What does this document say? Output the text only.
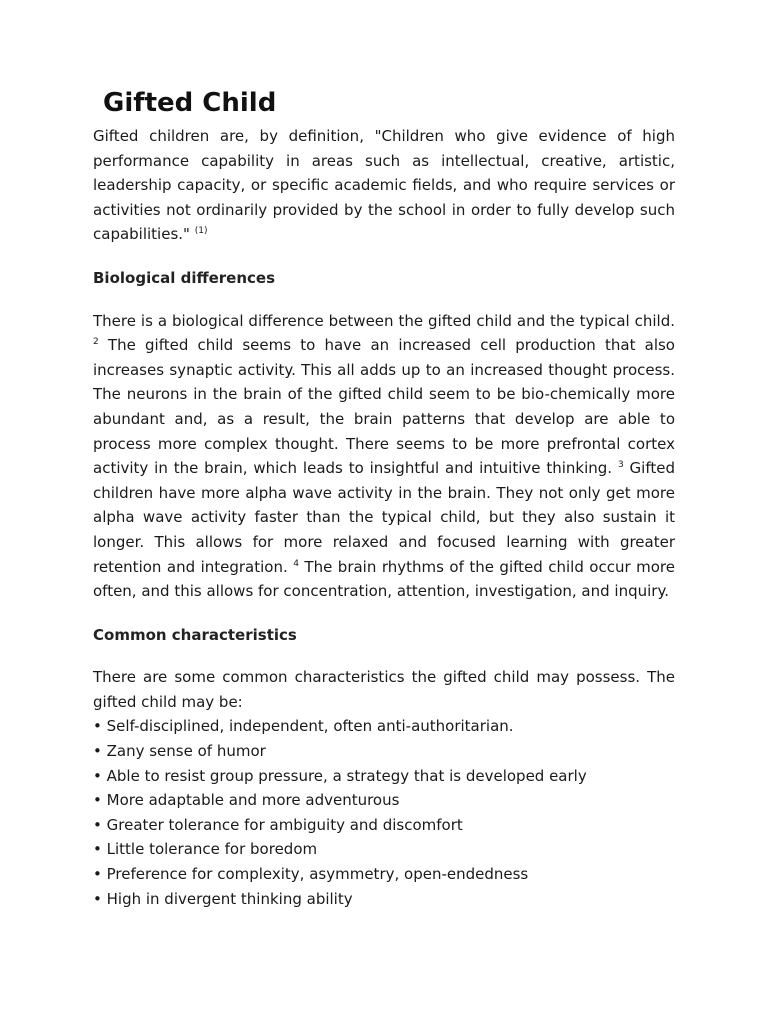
Gifted Child

Gifted children are, by definition, "Children who give evidence of high performance capability in areas such as intellectual, creative, artistic, leadership capacity, or specific academic fields, and who require services or activities not ordinarily provided by the school in order to fully develop such capabilities." $^{(1)}$

Biological differences

There is a biological difference between the gifted child and the typical child. $^2$ The gifted child seems to have an increased cell production that also increases synaptic activity. This all adds up to an increased thought process. The neurons in the brain of the gifted child seem to be bio-chemically more abundant and, as a result, the brain patterns that develop are able to process more complex thought. There seems to be more prefrontal cortex activity in the brain, which leads to insightful and intuitive thinking. $^3$ Gifted children have more alpha wave activity in the brain. They not only get more alpha wave activity faster than the typical child, but they also sustain it longer. This allows for more relaxed and focused learning with greater retention and integration. $^4$ The brain rhythms of the gifted child occur more often, and this allows for concentration, attention, investigation, and inquiry.

Common characteristics

There are some common characteristics the gifted child may possess. The gifted child may be:

• Self-disciplined, independent, often anti-authoritarian.
• Zany sense of humor
• Able to resist group pressure, a strategy that is developed early
• More adaptable and more adventurous
• Greater tolerance for ambiguity and discomfort
• Little tolerance for boredom
• Preference for complexity, asymmetry, open-endedness
• High in divergent thinking ability
